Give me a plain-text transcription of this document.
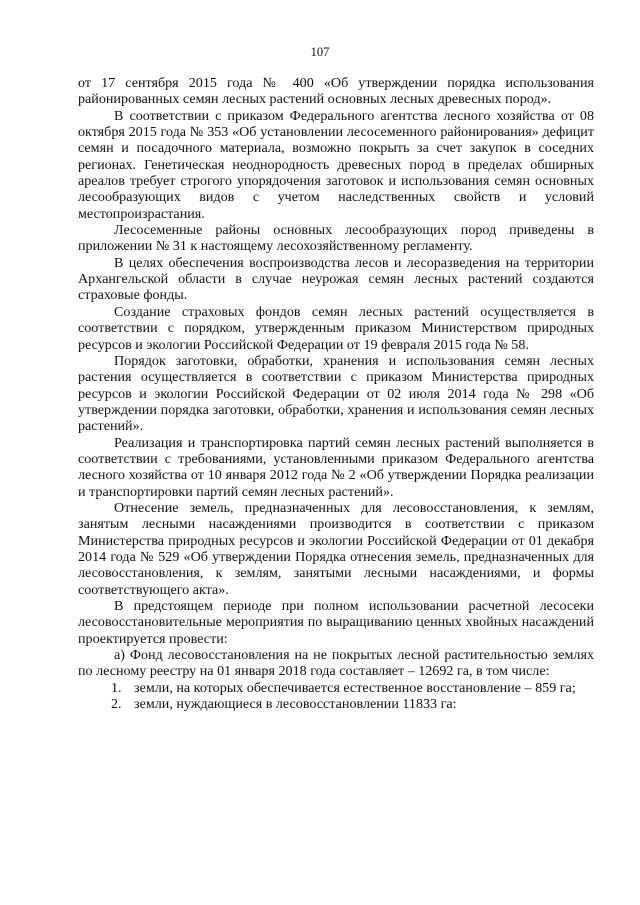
107

от 17 сентября 2015 года № 400 «Об утверждении порядка использования районированных семян лесных растений основных лесных древесных пород».

В соответствии с приказом Федерального агентства лесного хозяйства от 08 октября 2015 года № 353 «Об установлении лесосеменного районирования» дефицит семян и посадочного материала, возможно покрыть за счет закупок в соседних регионах. Генетическая неоднородность древесных пород в пределах обширных ареалов требует строгого упорядочения заготовок и использования семян основных лесообразующих видов с учетом наследственных свойств и условий местопроизрастания.

Лесосеменные районы основных лесообразующих пород приведены в приложении № 31 к настоящему лесохозяйственному регламенту.

В целях обеспечения воспроизводства лесов и лесоразведения на территории Архангельской области в случае неурожая семян лесных растений создаются страховые фонды.

Создание страховых фондов семян лесных растений осуществляется в соответствии с порядком, утвержденным приказом Министерством природных ресурсов и экологии Российской Федерации от 19 февраля 2015 года № 58.

Порядок заготовки, обработки, хранения и использования семян лесных растения осуществляется в соответствии с приказом Министерства природных ресурсов и экологии Российской Федерации от 02 июля 2014 года № 298 «Об утверждении порядка заготовки, обработки, хранения и использования семян лесных растений».

Реализация и транспортировка партий семян лесных растений выполняется в соответствии с требованиями, установленными приказом Федерального агентства лесного хозяйства от 10 января 2012 года № 2 «Об утверждении Порядка реализации и транспортировки партий семян лесных растений».

Отнесение земель, предназначенных для лесовосстановления, к землям, занятым лесными насаждениями производится в соответствии с приказом Министерства природных ресурсов и экологии Российской Федерации от 01 декабря 2014 года № 529 «Об утверждении Порядка отнесения земель, предназначенных для лесовосстановления, к землям, занятыми лесными насаждениями, и формы соответствующего акта».

В предстоящем периоде при полном использовании расчетной лесосеки лесовосстановительные мероприятия по выращиванию ценных хвойных насаждений проектируется провести:

а) Фонд лесовосстановления на не покрытых лесной растительностью землях по лесному реестру на 01 января 2018 года составляет – 12692 га, в том числе:

1. земли, на которых обеспечивается естественное восстановление – 859 га;
2. земли, нуждающиеся в лесовосстановлении 11833 га:
